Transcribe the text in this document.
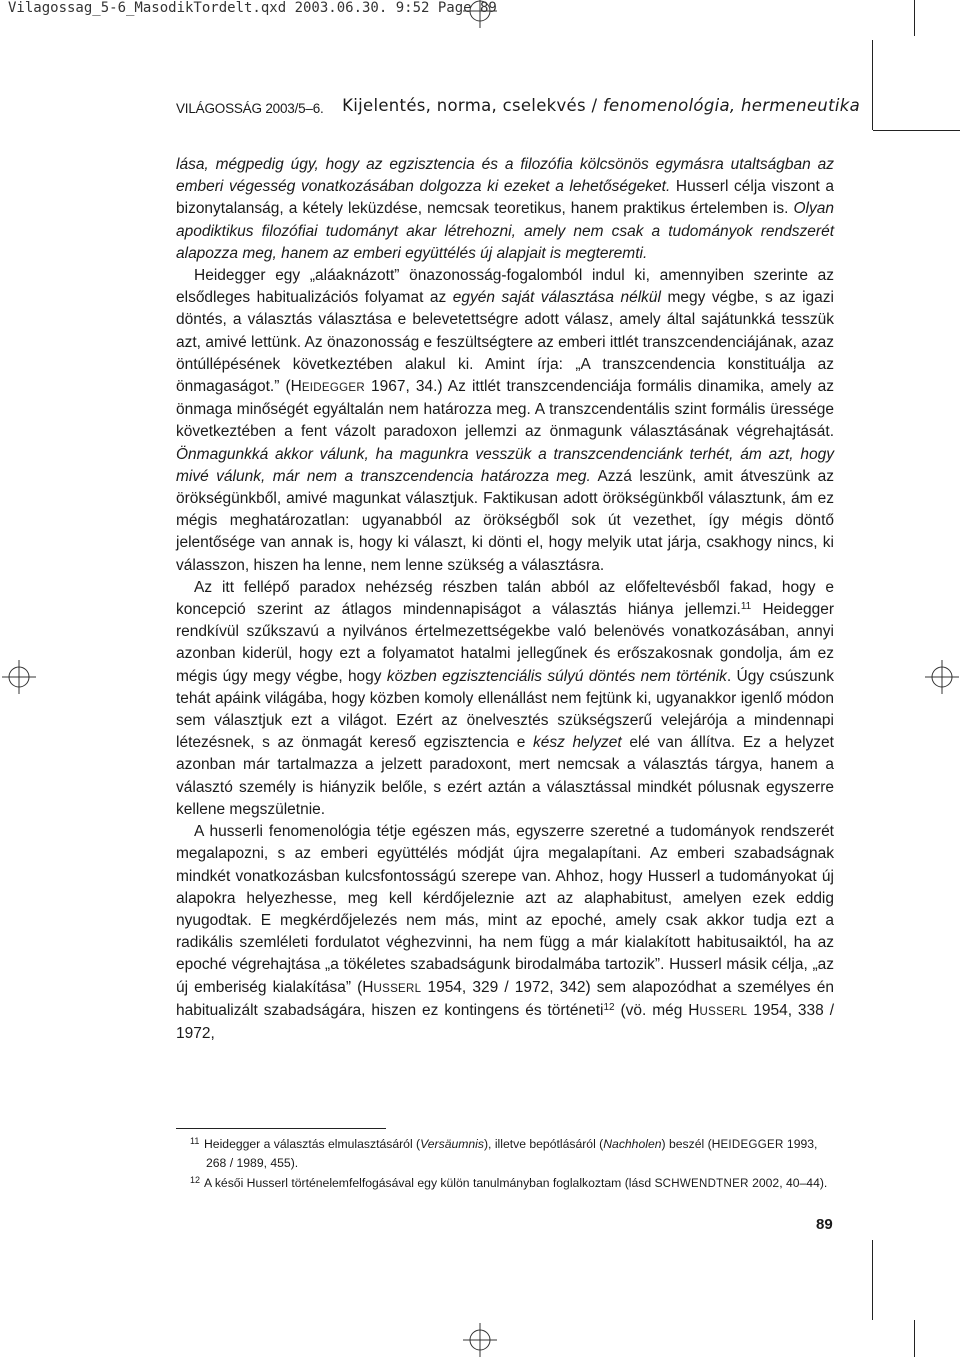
Vilagossag_5-6_MasodikTordelt.qxd 2003.06.30. 9:52 Page 89
VILÁGOSSÁG 2003/5–6. Kijelentés, norma, cselekvés / fenomenológia, hermeneutika

lása, mégpedig úgy, hogy az egzisztencia és a filozófia kölcsönös egymásra utaltságban az emberi végesség vonatkozásában dolgozza ki ezeket a lehetőségeket. Husserl célja viszont a bizonytalanság, a kétely leküzdése, nemcsak teoretikus, hanem praktikus értelemben is. Olyan apodiktikus filozófiai tudományt akar létrehozni, amely nem csak a tudományok rendszerét alapozza meg, hanem az emberi együttélés új alapjait is megteremti.

Heidegger egy „aláaknázott” önazonosság-fogalomból indul ki, amennyiben szerinte az elsődleges habitualizációs folyamat az egyén saját választása nélkül megy végbe, s az igazi döntés, a választás választása e belevetettségre adott válasz, amely által sajátunkká tesszük azt, amivé lettünk. Az önazonosság e feszültségtere az emberi ittlét transzcendenciájának, azaz öntúllépésének következtében alakul ki. Amint írja: „A transzcendencia konstituálja az önmagaságot.” (HEIDEGGER 1967, 34.) Az ittlét transzcendenciája formális dinamika, amely az önmaga minőségét egyáltalán nem határozza meg. A transzcendentális szint formális üressége következtében a fent vázolt paradoxon jellemzi az önmagunk választásának végrehajtását. Önmagunkká akkor válunk, ha magunkra vesszük a transzcendenciánk terhét, ám azt, hogy mivé válunk, már nem a transzcendencia határozza meg. Azzá leszünk, amit átveszünk az örökségünkből, amivé magunkat választjuk. Faktikusan adott örökségünkből választunk, ám ez mégis meghatározatlan: ugyanabból az örökségből sok út vezethet, így mégis döntő jelentősége van annak is, hogy ki választ, ki dönti el, hogy melyik utat járja, csakhogy nincs, ki válasszon, hiszen ha lenne, nem lenne szükség a választásra.

Az itt fellépő paradox nehézség részben talán abból az előfeltevésből fakad, hogy e koncepció szerint az átlagos mindennapiságot a választás hiánya jellemzi.$^{11}$ Heidegger rendkívül szűkszavú a nyilvános értelmezettségekbe való belenövés vonatkozásában, annyi azonban kiderül, hogy ezt a folyamatot hatalmi jellegűnek és erőszakosnak gondolja, ám ez mégis úgy megy végbe, hogy közben egzisztenciális súlyú döntés nem történik. Úgy csúszunk tehát apáink világába, hogy közben komoly ellenállást nem fejtünk ki, ugyanakkor igenlő módon sem választjuk ezt a világot. Ezért az önelvesztés szükségszerű velejárója a mindennapi létezésnek, s az önmagát kereső egzisztencia e kész helyzet elé van állítva. Ez a helyzet azonban már tartalmazza a jelzett paradoxont, mert nemcsak a választás tárgya, hanem a választó személy is hiányzik belőle, s ezért aztán a választással mindkét pólusnak egyszerre kellene megszületnie.

A husserli fenomenológia tétje egészen más, egyszerre szeretné a tudományok rendszerét megalapozni, s az emberi együttélés módját újra megalapítani. Az emberi szabadságnak mindkét vonatkozásban kulcsfontosságú szerepe van. Ahhoz, hogy Husserl a tudományokat új alapokra helyezhesse, meg kell kérdőjeleznie azt az alaphabitust, amelyen ezek eddig nyugodtak. E megkérdőjelezés nem más, mint az epoché, amely csak akkor tudja ezt a radikális szemléleti fordulatot véghezvinni, ha nem függ a már kialakított habitusaiktól, ha az epoché végrehajtása „a tökéletes szabadságunk birodalmába tartozik”. Husserl másik célja, „az új emberiség kialakítása” (HUSSERL 1954, 329 / 1972, 342) sem alapozódhat a személyes én habitualizált szabadságára, hiszen ez kontingens és történeti$^{12}$ (vö. még HUSSERL 1954, 338 / 1972,

11 Heidegger a választás elmulasztásáról (Versäumnis), illetve bepótlásáról (Nachholen) beszél (HEIDEGGER 1993, 268 / 1989, 455).

12 A késői Husserl történelemfelfogásával egy külön tanulmányban foglalkoztam (lásd SCHWENDTNER 2002, 40–44).

89
